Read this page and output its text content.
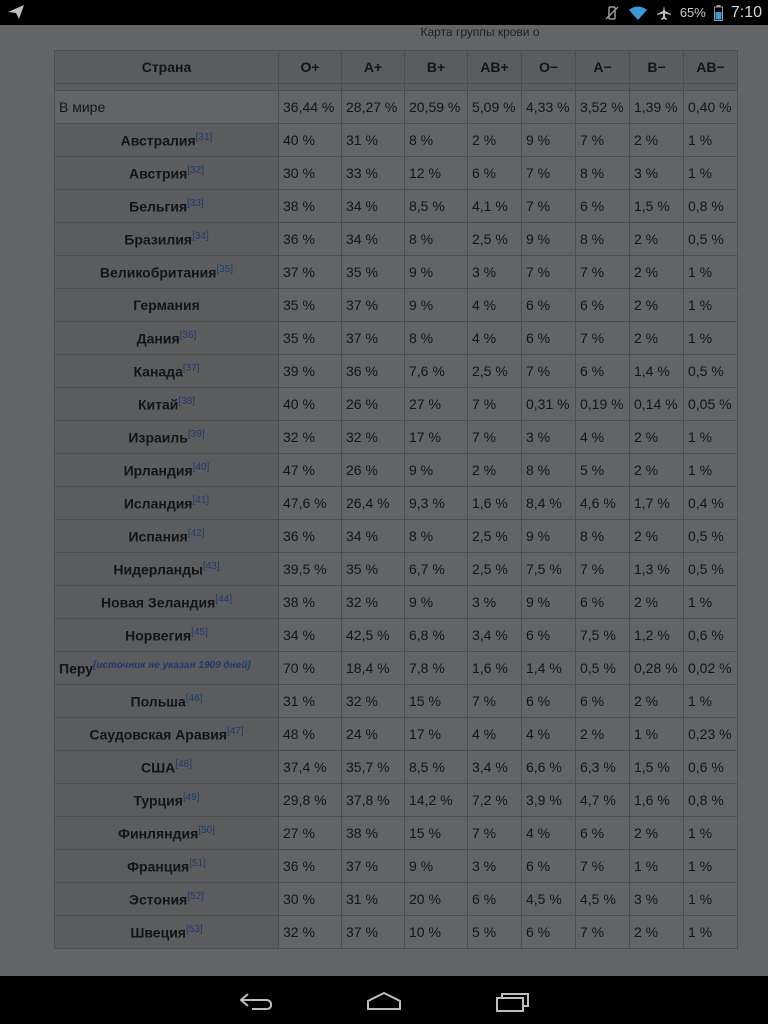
65% 7:10
Карта группы крови о
Страна	O+	A+	B+	AB+	O−	A−	B−	AB−

В мире	36,44 %	28,27 %	20,59 %	5,09 %	4,33 %	3,52 %	1,39 %	0,40 %
Австралия[31]	40 %	31 %	8 %	2 %	9 %	7 %	2 %	1 %
Австрия[32]	30 %	33 %	12 %	6 %	7 %	8 %	3 %	1 %
Бельгия[33]	38 %	34 %	8,5 %	4,1 %	7 %	6 %	1,5 %	0,8 %
Бразилия[34]	36 %	34 %	8 %	2,5 %	9 %	8 %	2 %	0,5 %
Великобритания[35]	37 %	35 %	9 %	3 %	7 %	7 %	2 %	1 %
Германия	35 %	37 %	9 %	4 %	6 %	6 %	2 %	1 %
Дания[36]	35 %	37 %	8 %	4 %	6 %	7 %	2 %	1 %
Канада[37]	39 %	36 %	7,6 %	2,5 %	7 %	6 %	1,4 %	0,5 %
Китай[38]	40 %	26 %	27 %	7 %	0,31 %	0,19 %	0,14 %	0,05 %
Израиль[39]	32 %	32 %	17 %	7 %	3 %	4 %	2 %	1 %
Ирландия[40]	47 %	26 %	9 %	2 %	8 %	5 %	2 %	1 %
Исландия[41]	47,6 %	26,4 %	9,3 %	1,6 %	8,4 %	4,6 %	1,7 %	0,4 %
Испания[42]	36 %	34 %	8 %	2,5 %	9 %	8 %	2 %	0,5 %
Нидерланды[43]	39,5 %	35 %	6,7 %	2,5 %	7,5 %	7 %	1,3 %	0,5 %
Новая Зеландия[44]	38 %	32 %	9 %	3 %	9 %	6 %	2 %	1 %
Норвегия[45]	34 %	42,5 %	6,8 %	3,4 %	6 %	7,5 %	1,2 %	0,6 %
Перу[источник не указан 1909 дней]	70 %	18,4 %	7,8 %	1,6 %	1,4 %	0,5 %	0,28 %	0,02 %
Польша[46]	31 %	32 %	15 %	7 %	6 %	6 %	2 %	1 %
Саудовская Аравия[47]	48 %	24 %	17 %	4 %	4 %	2 %	1 %	0,23 %
США[48]	37,4 %	35,7 %	8,5 %	3,4 %	6,6 %	6,3 %	1,5 %	0,6 %
Турция[49]	29,8 %	37,8 %	14,2 %	7,2 %	3,9 %	4,7 %	1,6 %	0,8 %
Финляндия[50]	27 %	38 %	15 %	7 %	4 %	6 %	2 %	1 %
Франция[51]	36 %	37 %	9 %	3 %	6 %	7 %	1 %	1 %
Эстония[52]	30 %	31 %	20 %	6 %	4,5 %	4,5 %	3 %	1 %
Швеция[53]	32 %	37 %	10 %	5 %	6 %	7 %	2 %	1 %
